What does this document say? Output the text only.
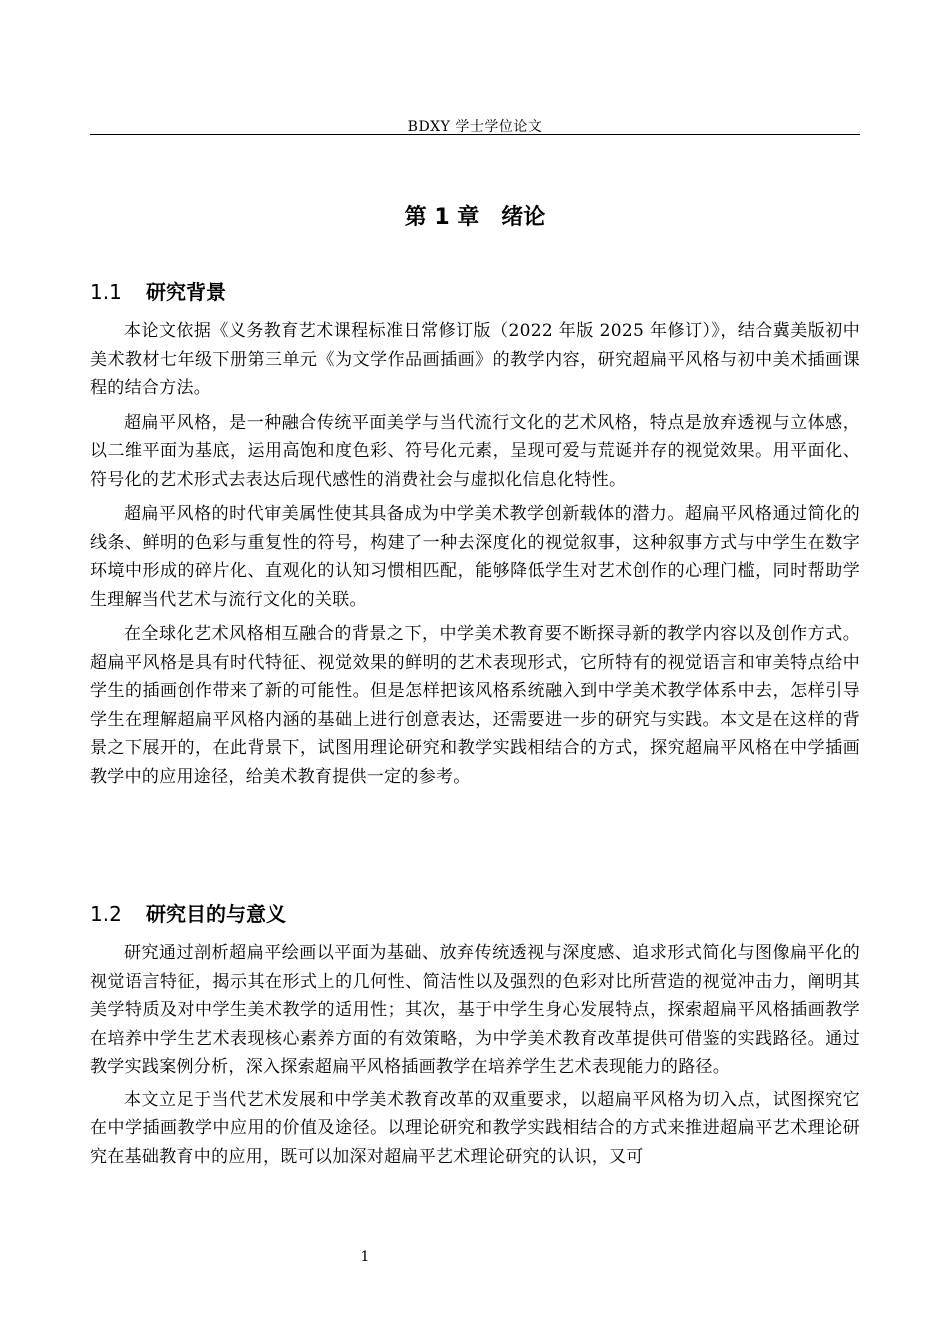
BDXY 学士学位论文
第 1 章　绪论
1.1 研究背景

本论文依据《义务教育艺术课程标准日常修订版（2022 年版 2025 年修订）》，结合冀美版初中美术教材七年级下册第三单元《为文学作品画插画》的教学内容，研究超扁平风格与初中美术插画课程的结合方法。

超扁平风格，是一种融合传统平面美学与当代流行文化的艺术风格，特点是放弃透视与立体感，以二维平面为基底，运用高饱和度色彩、符号化元素，呈现可爱与荒诞并存的视觉效果。用平面化、符号化的艺术形式去表达后现代感性的消费社会与虚拟化信息化特性。

超扁平风格的时代审美属性使其具备成为中学美术教学创新载体的潜力。超扁平风格通过简化的线条、鲜明的色彩与重复性的符号，构建了一种去深度化的视觉叙事，这种叙事方式与中学生在数字环境中形成的碎片化、直观化的认知习惯相匹配，能够降低学生对艺术创作的心理门槛，同时帮助学生理解当代艺术与流行文化的关联。

在全球化艺术风格相互融合的背景之下，中学美术教育要不断探寻新的教学内容以及创作方式。超扁平风格是具有时代特征、视觉效果的鲜明的艺术表现形式，它所特有的视觉语言和审美特点给中学生的插画创作带来了新的可能性。但是怎样把该风格系统融入到中学美术教学体系中去，怎样引导学生在理解超扁平风格内涵的基础上进行创意表达，还需要进一步的研究与实践。本文是在这样的背景之下展开的，在此背景下，试图用理论研究和教学实践相结合的方式，探究超扁平风格在中学插画教学中的应用途径，给美术教育提供一定的参考。

1.2 研究目的与意义

研究通过剖析超扁平绘画以平面为基础、放弃传统透视与深度感、追求形式简化与图像扁平化的视觉语言特征，揭示其在形式上的几何性、简洁性以及强烈的色彩对比所营造的视觉冲击力，阐明其美学特质及对中学生美术教学的适用性；其次，基于中学生身心发展特点，探索超扁平风格插画教学在培养中学生艺术表现核心素养方面的有效策略，为中学美术教育改革提供可借鉴的实践路径。通过教学实践案例分析，深入探索超扁平风格插画教学在培养学生艺术表现能力的路径。

本文立足于当代艺术发展和中学美术教育改革的双重要求，以超扁平风格为切入点，试图探究它在中学插画教学中应用的价值及途径。以理论研究和教学实践相结合的方式来推进超扁平艺术理论研究在基础教育中的应用，既可以加深对超扁平艺术理论研究的认识，又可

1
